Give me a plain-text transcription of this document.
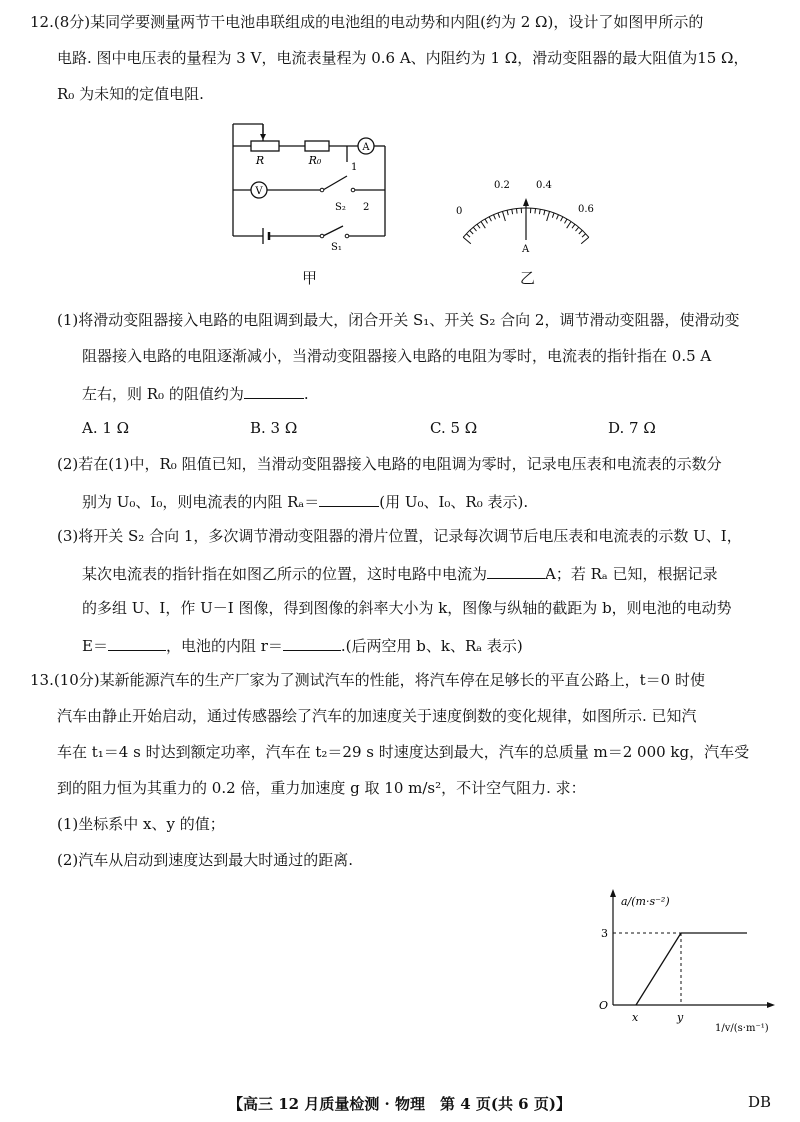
12.(8分)某同学要测量两节干电池串联组成的电池组的电动势和内阻(约为 2 Ω)，设计了如图甲所示的
电路. 图中电压表的量程为 3 V，电流表量程为 0.6 A、内阻约为 1 Ω，滑动变阻器的最大阻值为15 Ω，
R₀ 为未知的定值电阻.
R	R₀
A
V
1
S₂ 2
S₁
甲
0
0.2	0.4
0.6
A
乙
(1)将滑动变阻器接入电路的电阻调到最大，闭合开关 S₁、开关 S₂ 合向 2，调节滑动变阻器，使滑动变
阻器接入电路的电阻逐渐减小，当滑动变阻器接入电路的电阻为零时，电流表的指针指在 0.5 A
左右，则 R₀ 的阻值约为	.
A. 1 Ω	B. 3 Ω	C. 5 Ω	D. 7 Ω
(2)若在(1)中，R₀ 阻值已知，当滑动变阻器接入电路的电阻调为零时，记录电压表和电流表的示数分
别为 U₀、I₀，则电流表的内阻 Rₐ＝	(用 U₀、I₀、R₀ 表示).
(3)将开关 S₂ 合向 1，多次调节滑动变阻器的滑片位置，记录每次调节后电压表和电流表的示数 U、I，
某次电流表的指针指在如图乙所示的位置，这时电路中电流为	A；若 Rₐ 已知，根据记录
的多组 U、I，作 U－I 图像，得到图像的斜率大小为 k，图像与纵轴的截距为 b，则电池的电动势
E＝	，电池的内阻 r＝	.(后两空用 b、k、Rₐ 表示)
13.(10分)某新能源汽车的生产厂家为了测试汽车的性能，将汽车停在足够长的平直公路上，t＝0 时使
汽车由静止开始启动，通过传感器绘了汽车的加速度关于速度倒数的变化规律，如图所示. 已知汽
车在 t₁＝4 s 时达到额定功率，汽车在 t₂＝29 s 时速度达到最大，汽车的总质量 m＝2 000 kg，汽车受
到的阻力恒为其重力的 0.2 倍，重力加速度 g 取 10 m/s²，不计空气阻力. 求：
(1)坐标系中 x、y 的值；
(2)汽车从启动到速度达到最大时通过的距离.
a/(m·s⁻²)
O
3
x	y
1/v/(s·m⁻¹)
【高三 12 月质量检测 · 物理　第 4 页(共 6 页)】	DB
